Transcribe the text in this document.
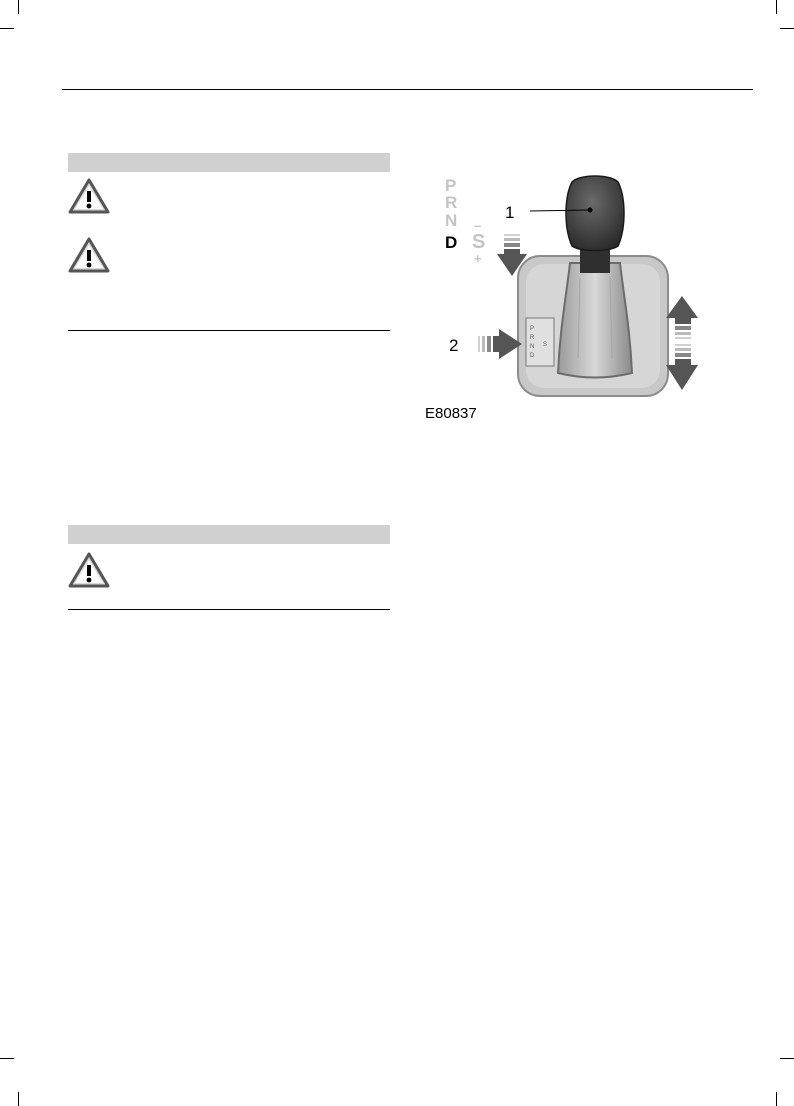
P
R
N
D
–
S
+
P
R
N
D
S
1
2
E80837
